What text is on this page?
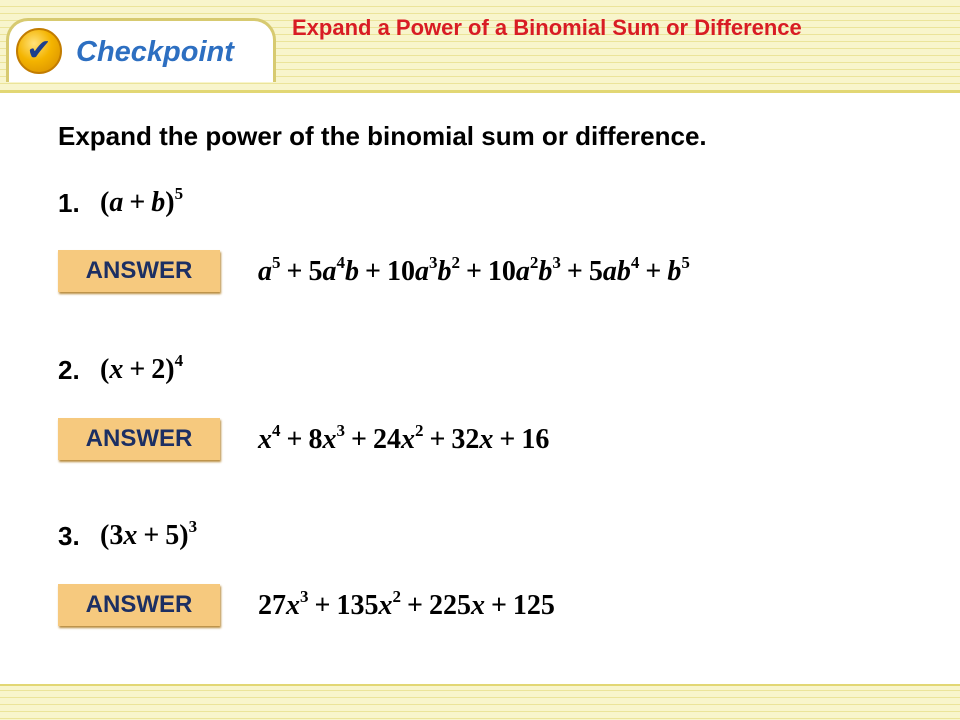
✔ Checkpoint
Expand a Power of a Binomial Sum or Difference
Expand the power of the binomial sum or difference.
1. $(a + b)^5$
ANSWER	$a^5 + 5a^4b + 10a^3b^2 + 10a^2b^3 + 5ab^4 + b^5$
2. $(x + 2)^4$
ANSWER	$x^4 + 8x^3 + 24x^2 + 32x + 16$
3. $(3x + 5)^3$
ANSWER	$27x^3 + 135x^2 + 225x + 125$
